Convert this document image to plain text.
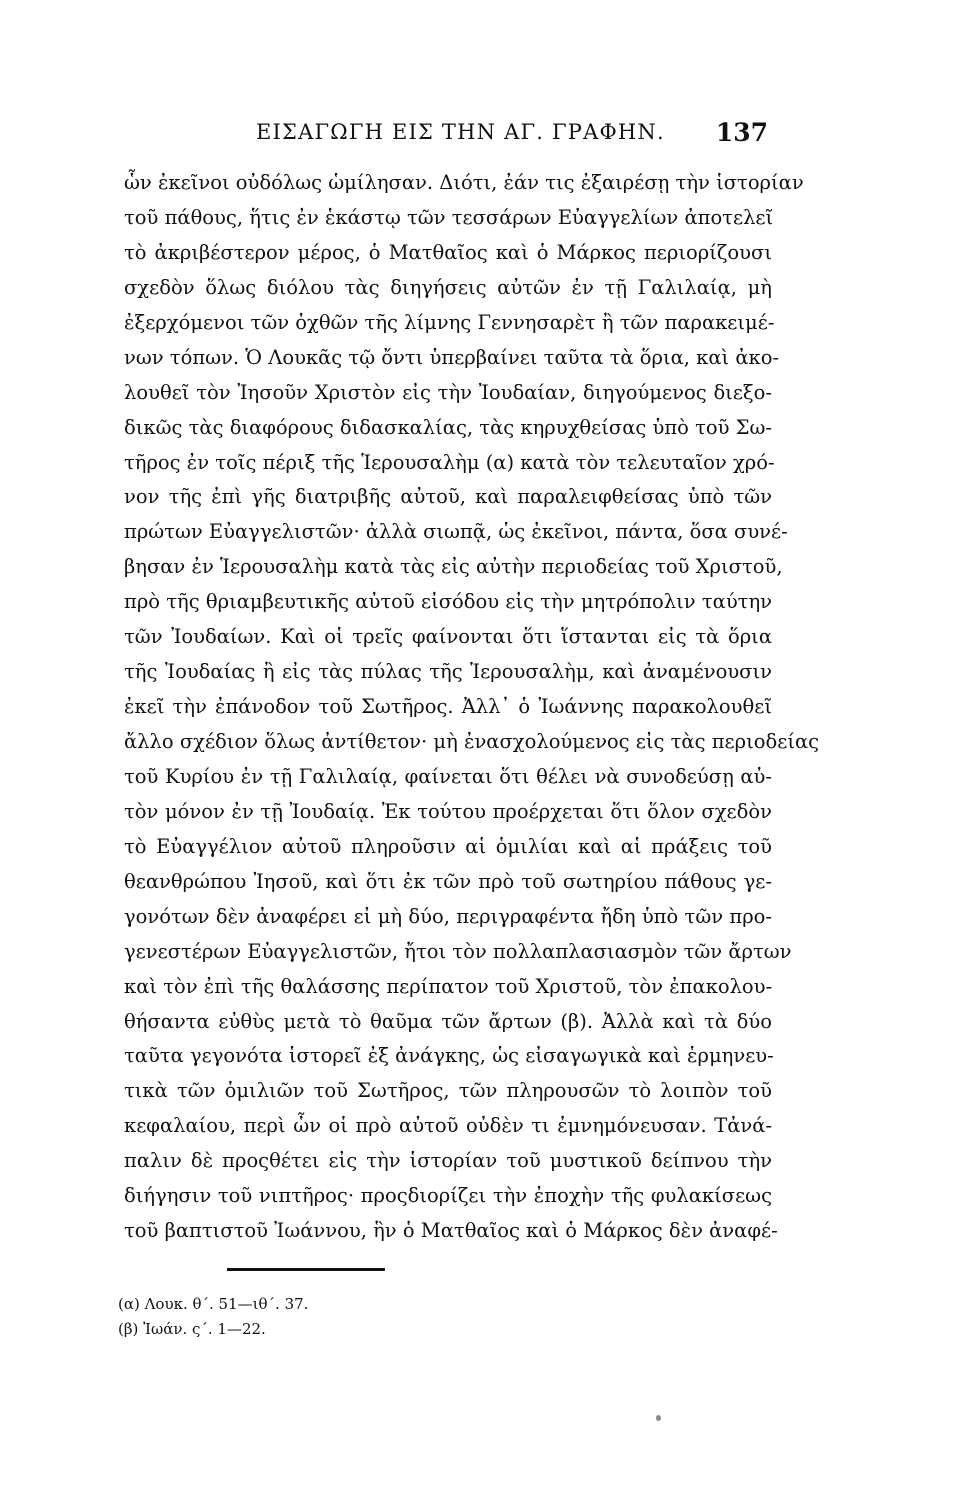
ΕΙΣΑΓΩΓΗ ΕΙΣ ΤΗΝ ΑΓ. ΓΡΑΦΗΝ. 137
ὧν ἐκεῖνοι οὐδόλως ὡμίλησαν. Διότι, ἐάν τις ἐξαιρέσῃ τὴν ἱστορίαν
τοῦ πάθους, ἥτις ἐν ἑκάστῳ τῶν τεσσάρων Εὐαγγελίων ἀποτελεῖ
τὸ ἀκριβέστερον μέρος, ὁ Ματθαῖος καὶ ὁ Μάρκος περιορίζουσι
σχεδὸν ὅλως διόλου τὰς διηγήσεις αὐτῶν ἐν τῇ Γαλιλαίᾳ, μὴ
ἐξερχόμενοι τῶν ὀχθῶν τῆς λίμνης Γεννησαρὲτ ἢ τῶν παρακειμέ-
νων τόπων. Ὁ Λουκᾶς τῷ ὄντι ὑπερβαίνει ταῦτα τὰ ὅρια, καὶ ἀκο-
λουθεῖ τὸν Ἰησοῦν Χριστὸν εἰς τὴν Ἰουδαίαν, διηγούμενος διεξο-
δικῶς τὰς διαφόρους διδασκαλίας, τὰς κηρυχθείσας ὑπὸ τοῦ Σω-
τῆρος ἐν τοῖς πέριξ τῆς Ἱερουσαλὴμ (α) κατὰ τὸν τελευταῖον χρό-
νον τῆς ἐπὶ γῆς διατριβῆς αὐτοῦ, καὶ παραλειφθείσας ὑπὸ τῶν
πρώτων Εὐαγγελιστῶν· ἀλλὰ σιωπᾷ, ὡς ἐκεῖνοι, πάντα, ὅσα συνέ-
βησαν ἐν Ἱερουσαλὴμ κατὰ τὰς εἰς αὐτὴν περιοδείας τοῦ Χριστοῦ,
πρὸ τῆς θριαμβευτικῆς αὐτοῦ εἰσόδου εἰς τὴν μητρόπολιν ταύτην
τῶν Ἰουδαίων. Καὶ οἱ τρεῖς φαίνονται ὅτι ἵστανται εἰς τὰ ὅρια
τῆς Ἰουδαίας ἢ εἰς τὰς πύλας τῆς Ἱερουσαλὴμ, καὶ ἀναμένουσιν
ἐκεῖ τὴν ἐπάνοδον τοῦ Σωτῆρος. Ἀλλ᾽ ὁ Ἰωάννης παρακολουθεῖ
ἄλλο σχέδιον ὅλως ἀντίθετον· μὴ ἐνασχολούμενος εἰς τὰς περιοδείας
τοῦ Κυρίου ἐν τῇ Γαλιλαίᾳ, φαίνεται ὅτι θέλει νὰ συνοδεύσῃ αὐ-
τὸν μόνον ἐν τῇ Ἰουδαίᾳ. Ἐκ τούτου προέρχεται ὅτι ὅλον σχεδὸν
τὸ Εὐαγγέλιον αὐτοῦ πληροῦσιν αἱ ὁμιλίαι καὶ αἱ πράξεις τοῦ
θεανθρώπου Ἰησοῦ, καὶ ὅτι ἐκ τῶν πρὸ τοῦ σωτηρίου πάθους γε-
γονότων δὲν ἀναφέρει εἰ μὴ δύο, περιγραφέντα ἤδη ὑπὸ τῶν προ-
γενεστέρων Εὐαγγελιστῶν, ἤτοι τὸν πολλαπλασιασμὸν τῶν ἄρτων
καὶ τὸν ἐπὶ τῆς θαλάσσης περίπατον τοῦ Χριστοῦ, τὸν ἐπακολου-
θήσαντα εὐθὺς μετὰ τὸ θαῦμα τῶν ἄρτων (β). Ἀλλὰ καὶ τὰ δύο
ταῦτα γεγονότα ἱστορεῖ ἐξ ἀνάγκης, ὡς εἰσαγωγικὰ καὶ ἑρμηνευ-
τικὰ τῶν ὁμιλιῶν τοῦ Σωτῆρος, τῶν πληρουσῶν τὸ λοιπὸν τοῦ
κεφαλαίου, περὶ ὧν οἱ πρὸ αὐτοῦ οὐδὲν τι ἐμνημόνευσαν. Τἀνά-
παλιν δὲ προςθέτει εἰς τὴν ἱστορίαν τοῦ μυστικοῦ δείπνου τὴν
διήγησιν τοῦ νιπτῆρος· προςδιορίζει τὴν ἐποχὴν τῆς φυλακίσεως
τοῦ βαπτιστοῦ Ἰωάννου, ἣν ὁ Ματθαῖος καὶ ὁ Μάρκος δὲν ἀναφέ-
(α) Λουκ. θ΄. 51—ιθ΄. 37.
(β) Ἰωάν. ς΄. 1—22.
